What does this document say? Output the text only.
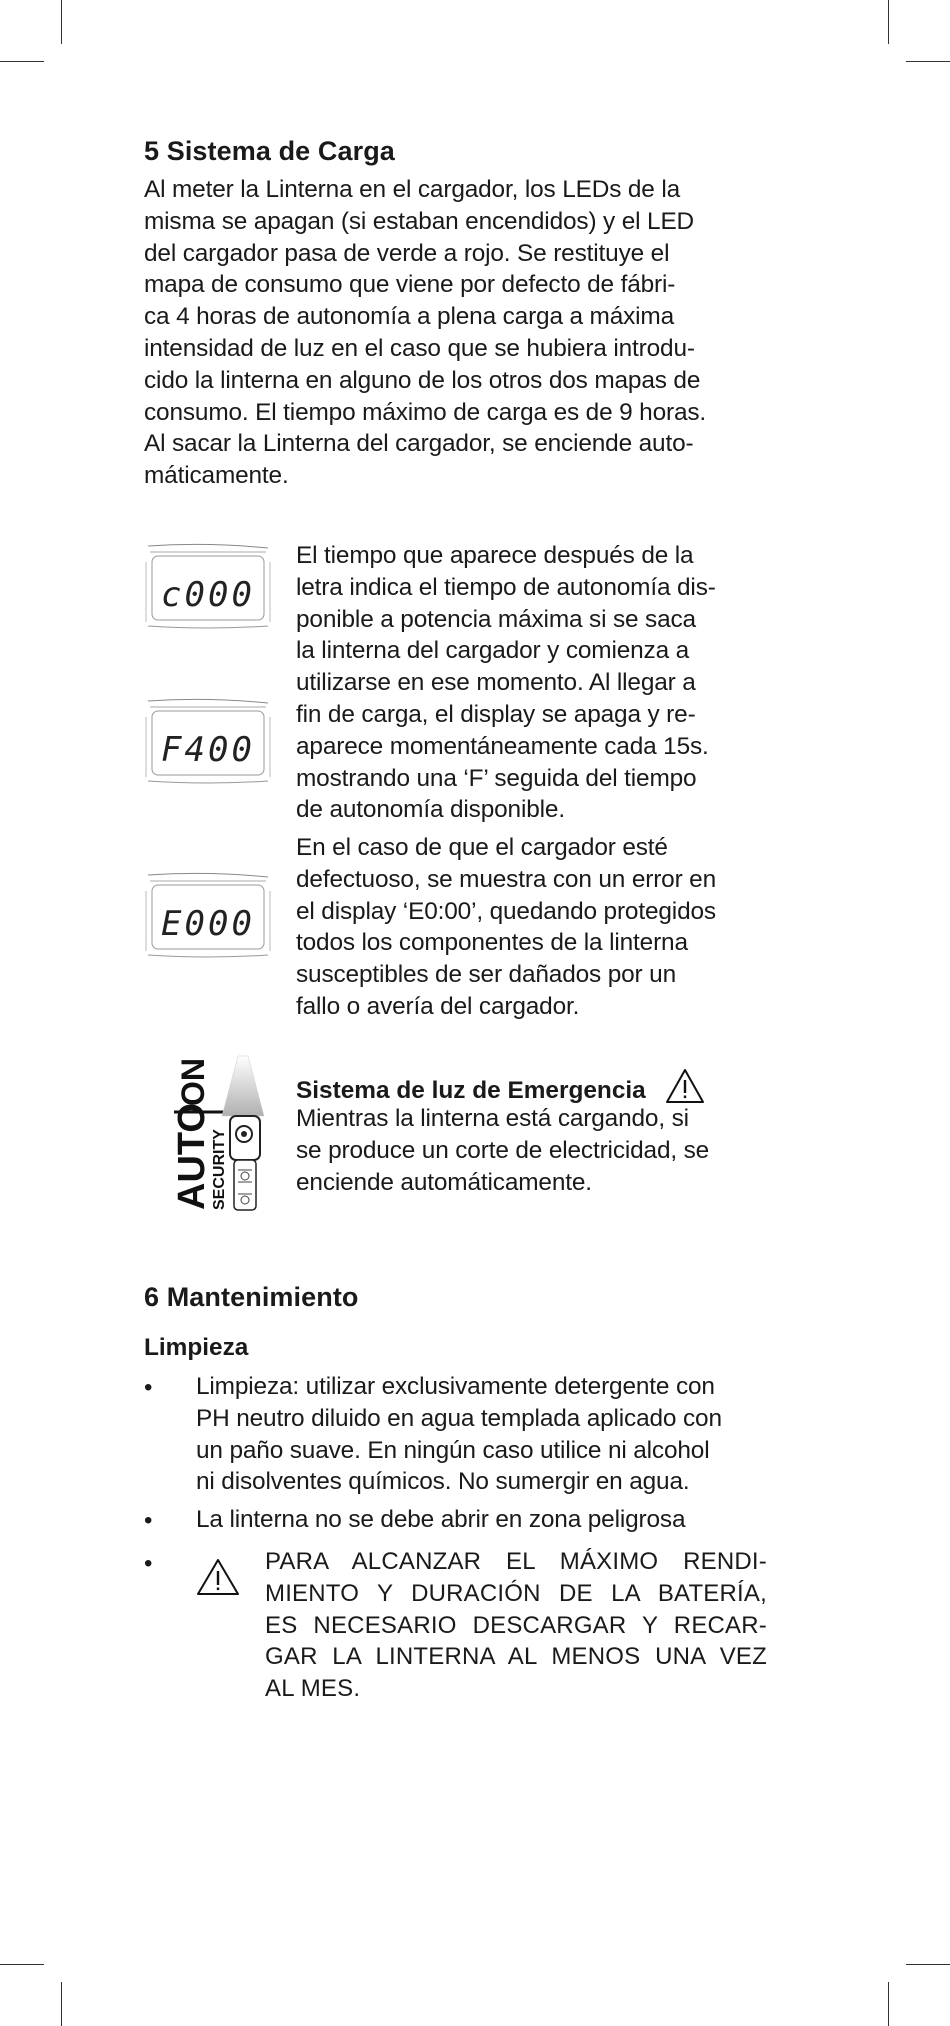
5 Sistema de Carga
Al meter la Linterna en el cargador, los LEDs de la
misma se apagan (si estaban encendidos) y el LED
del cargador pasa de verde a rojo. Se restituye el
mapa de consumo que viene por defecto de fábri-
ca 4 horas de autonomía a plena carga a máxima
intensidad de luz en el caso que se hubiera introdu-
cido la linterna en alguno de los otros dos mapas de
consumo. El tiempo máximo de carga es de 9 horas.
Al sacar la Linterna del cargador, se enciende auto-
máticamente.
c000
F400
E000
El tiempo que aparece después de la
letra indica el tiempo de autonomía dis-
ponible a potencia máxima si se saca
la linterna del cargador y comienza a
utilizarse en ese momento. Al llegar a
fin de carga, el display se apaga y re-
aparece momentáneamente cada 15s.
mostrando una ‘F’ seguida del tiempo
de autonomía disponible.
En el caso de que el cargador esté
defectuoso, se muestra con un error en
el display ‘E0:00’, quedando protegidos
todos los componentes de la linterna
susceptibles de ser dañados por un
fallo o avería del cargador.
AUTO
SECURITY
ON	Sistema de luz de Emergencia
Mientras la linterna está cargando, si
se produce un corte de electricidad, se
enciende automáticamente.
6 Mantenimiento
Limpieza
• Limpieza: utilizar exclusivamente detergente con
PH neutro diluido en agua templada aplicado con
un paño suave. En ningún caso utilice ni alcohol
ni disolventes químicos. No sumergir en agua.
• La linterna no se debe abrir en zona peligrosa
•	PARA ALCANZAR EL MÁXIMO RENDI-
MIENTO Y DURACIÓN DE LA BATERÍA,
ES NECESARIO DESCARGAR Y RECAR-
GAR LA LINTERNA AL MENOS UNA VEZ
AL MES.
